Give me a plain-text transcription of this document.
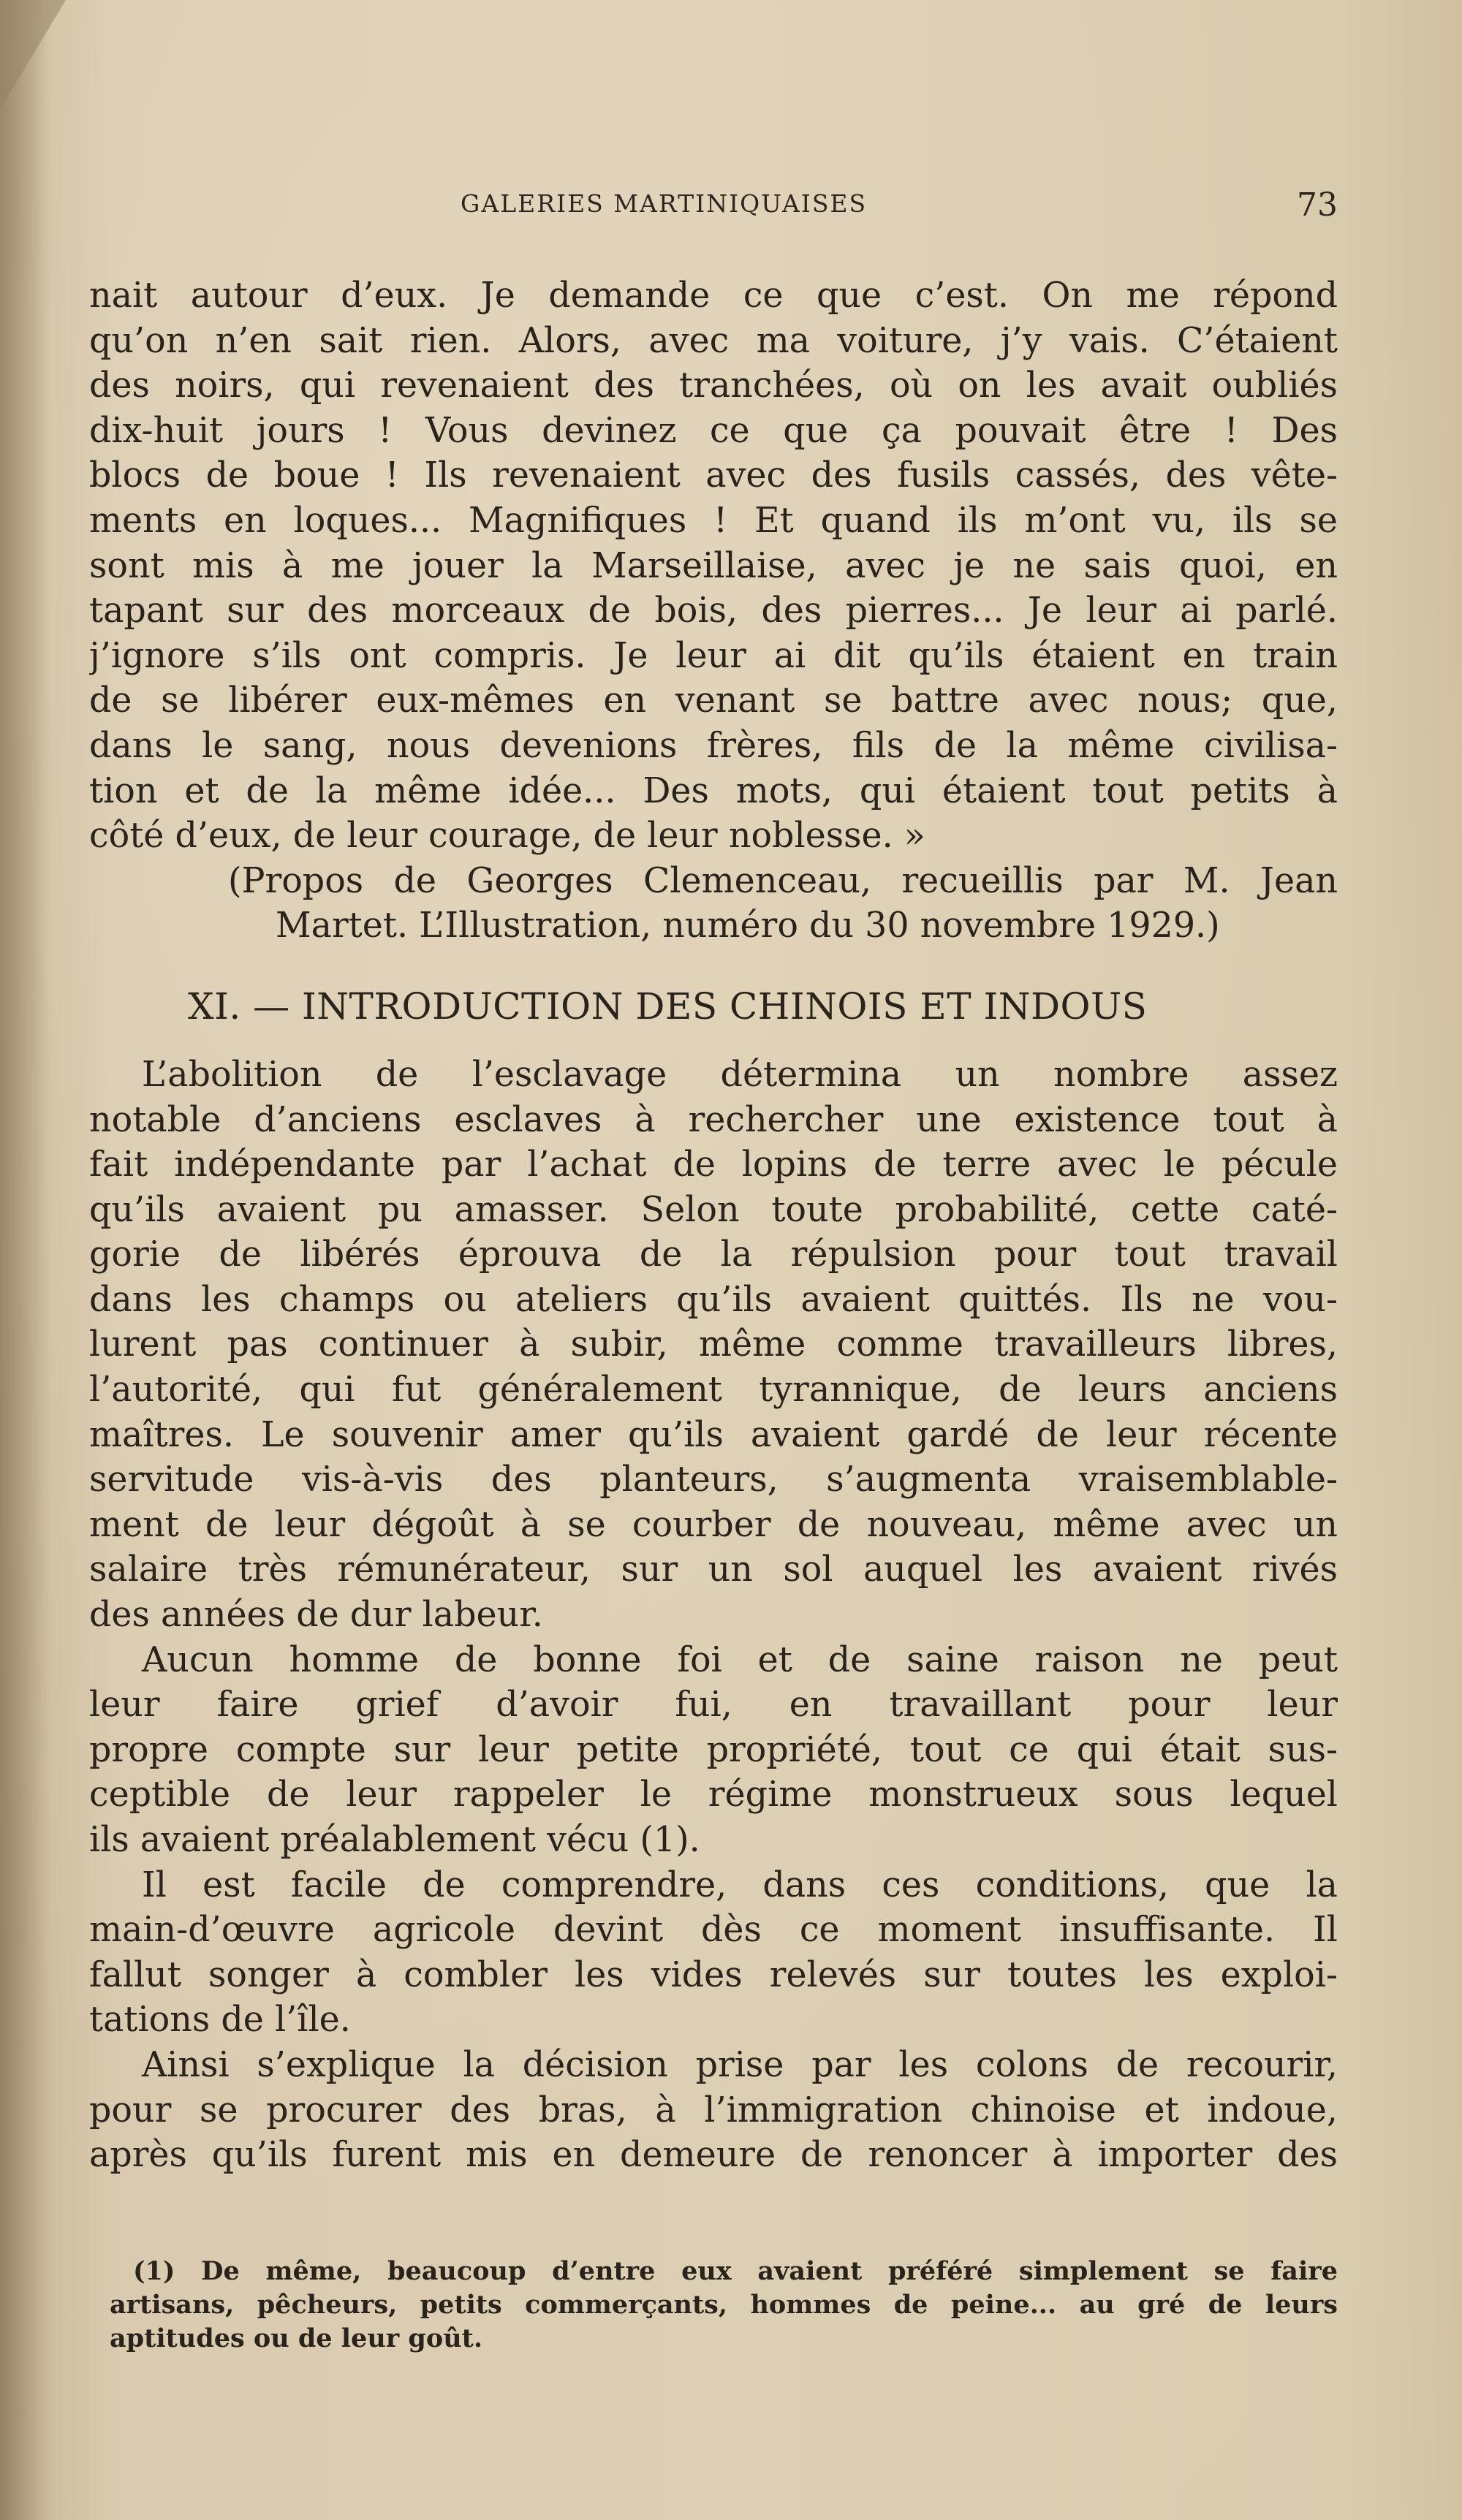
GALERIES MARTINIQUAISES	73
nait autour d’eux. Je demande ce que c’est. On me répond
qu’on n’en sait rien. Alors, avec ma voiture, j’y vais. C’étaient
des noirs, qui revenaient des tranchées, où on les avait oubliés
dix-huit jours ! Vous devinez ce que ça pouvait être ! Des
blocs de boue ! Ils revenaient avec des fusils cassés, des vête-
ments en loques... Magnifiques ! Et quand ils m’ont vu, ils se
sont mis à me jouer la Marseillaise, avec je ne sais quoi, en
tapant sur des morceaux de bois, des pierres... Je leur ai parlé.
j’ignore s’ils ont compris. Je leur ai dit qu’ils étaient en train
de se libérer eux-mêmes en venant se battre avec nous; que,
dans le sang, nous devenions frères, fils de la même civilisa-
tion et de la même idée... Des mots, qui étaient tout petits à
côté d’eux, de leur courage, de leur noblesse. »
(Propos de Georges Clemenceau, recueillis par M. Jean
Martet. L’Illustration, numéro du 30 novembre 1929.)
XI. — INTRODUCTION DES CHINOIS ET INDOUS
L’abolition de l’esclavage détermina un nombre assez
notable d’anciens esclaves à rechercher une existence tout à
fait indépendante par l’achat de lopins de terre avec le pécule
qu’ils avaient pu amasser. Selon toute probabilité, cette caté-
gorie de libérés éprouva de la répulsion pour tout travail
dans les champs ou ateliers qu’ils avaient quittés. Ils ne vou-
lurent pas continuer à subir, même comme travailleurs libres,
l’autorité, qui fut généralement tyrannique, de leurs anciens
maîtres. Le souvenir amer qu’ils avaient gardé de leur récente
servitude vis-à-vis des planteurs, s’augmenta vraisemblable-
ment de leur dégoût à se courber de nouveau, même avec un
salaire très rémunérateur, sur un sol auquel les avaient rivés
des années de dur labeur.
Aucun homme de bonne foi et de saine raison ne peut
leur faire grief d’avoir fui, en travaillant pour leur
propre compte sur leur petite propriété, tout ce qui était sus-
ceptible de leur rappeler le régime monstrueux sous lequel
ils avaient préalablement vécu (1).
Il est facile de comprendre, dans ces conditions, que la
main-d’œuvre agricole devint dès ce moment insuffisante. Il
fallut songer à combler les vides relevés sur toutes les exploi-
tations de l’île.
Ainsi s’explique la décision prise par les colons de recourir,
pour se procurer des bras, à l’immigration chinoise et indoue,
après qu’ils furent mis en demeure de renoncer à importer des
(1) De même, beaucoup d’entre eux avaient préféré simplement se faire
artisans, pêcheurs, petits commerçants, hommes de peine... au gré de leurs
aptitudes ou de leur goût.
